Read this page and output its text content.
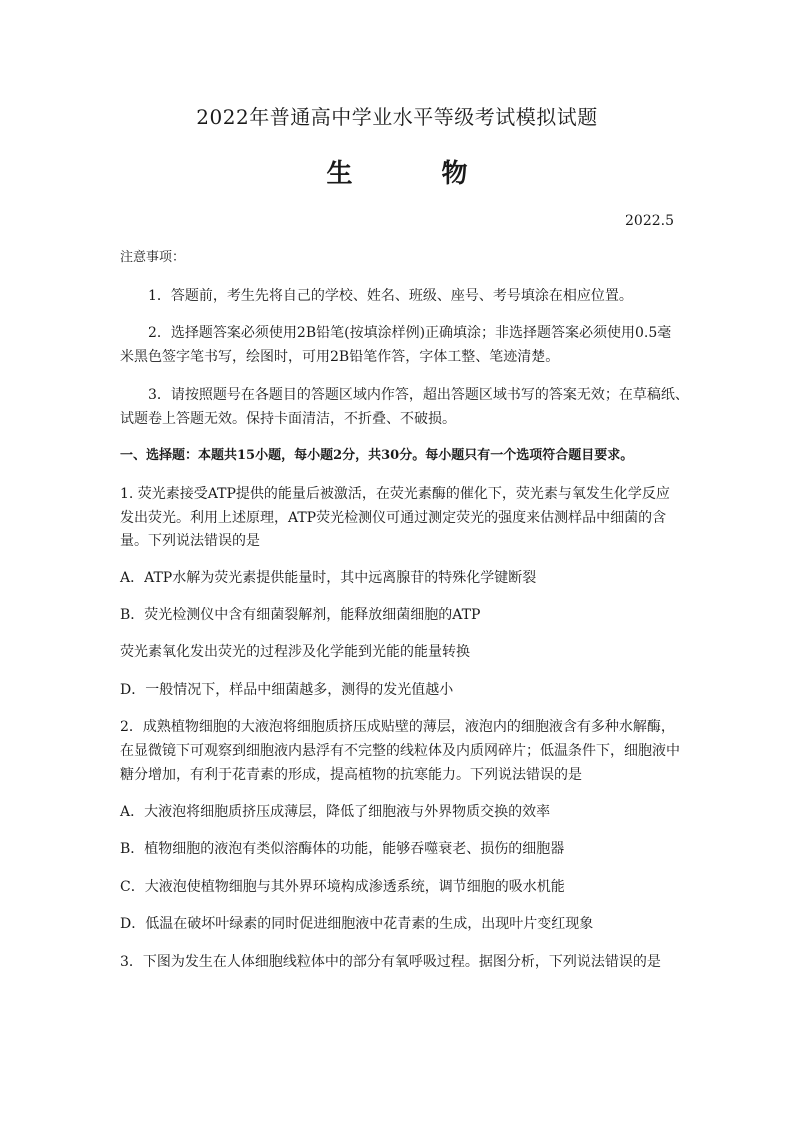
2022年普通高中学业水平等级考试模拟试题
生 物
2022.5
注意事项：
1．答题前，考生先将自己的学校、姓名、班级、座号、考号填涂在相应位置。
2．选择题答案必须使用2B铅笔(按填涂样例)正确填涂；非选择题答案必须使用0.5毫
米黑色签字笔书写，绘图时，可用2B铅笔作答，字体工整、笔迹清楚。
3．请按照题号在各题目的答题区域内作答，超出答题区域书写的答案无效；在草稿纸、
试题卷上答题无效。保持卡面清洁，不折叠、不破损。
一、选择题：本题共15小题，每小题2分，共30分。每小题只有一个选项符合题目要求。
1. 荧光素接受ATP提供的能量后被激活，在荧光素酶的催化下，荧光素与氧发生化学反应
发出荧光。利用上述原理，ATP荧光检测仪可通过测定荧光的强度来估测样品中细菌的含
量。下列说法错误的是
A．ATP水解为荧光素提供能量时，其中远离腺苷的特殊化学键断裂
B．荧光检测仪中含有细菌裂解剂，能释放细菌细胞的ATP
荧光素氧化发出荧光的过程涉及化学能到光能的能量转换
D．一般情况下，样品中细菌越多，测得的发光值越小
2．成熟植物细胞的大液泡将细胞质挤压成贴壁的薄层，液泡内的细胞液含有多种水解酶，
在显微镜下可观察到细胞液内悬浮有不完整的线粒体及内质网碎片；低温条件下，细胞液中
糖分增加，有利于花青素的形成，提高植物的抗寒能力。下列说法错误的是
A．大液泡将细胞质挤压成薄层，降低了细胞液与外界物质交换的效率
B．植物细胞的液泡有类似溶酶体的功能，能够吞噬衰老、损伤的细胞器
C．大液泡使植物细胞与其外界环境构成渗透系统，调节细胞的吸水机能
D．低温在破坏叶绿素的同时促进细胞液中花青素的生成，出现叶片变红现象
3．下图为发生在人体细胞线粒体中的部分有氧呼吸过程。据图分析，下列说法错误的是
